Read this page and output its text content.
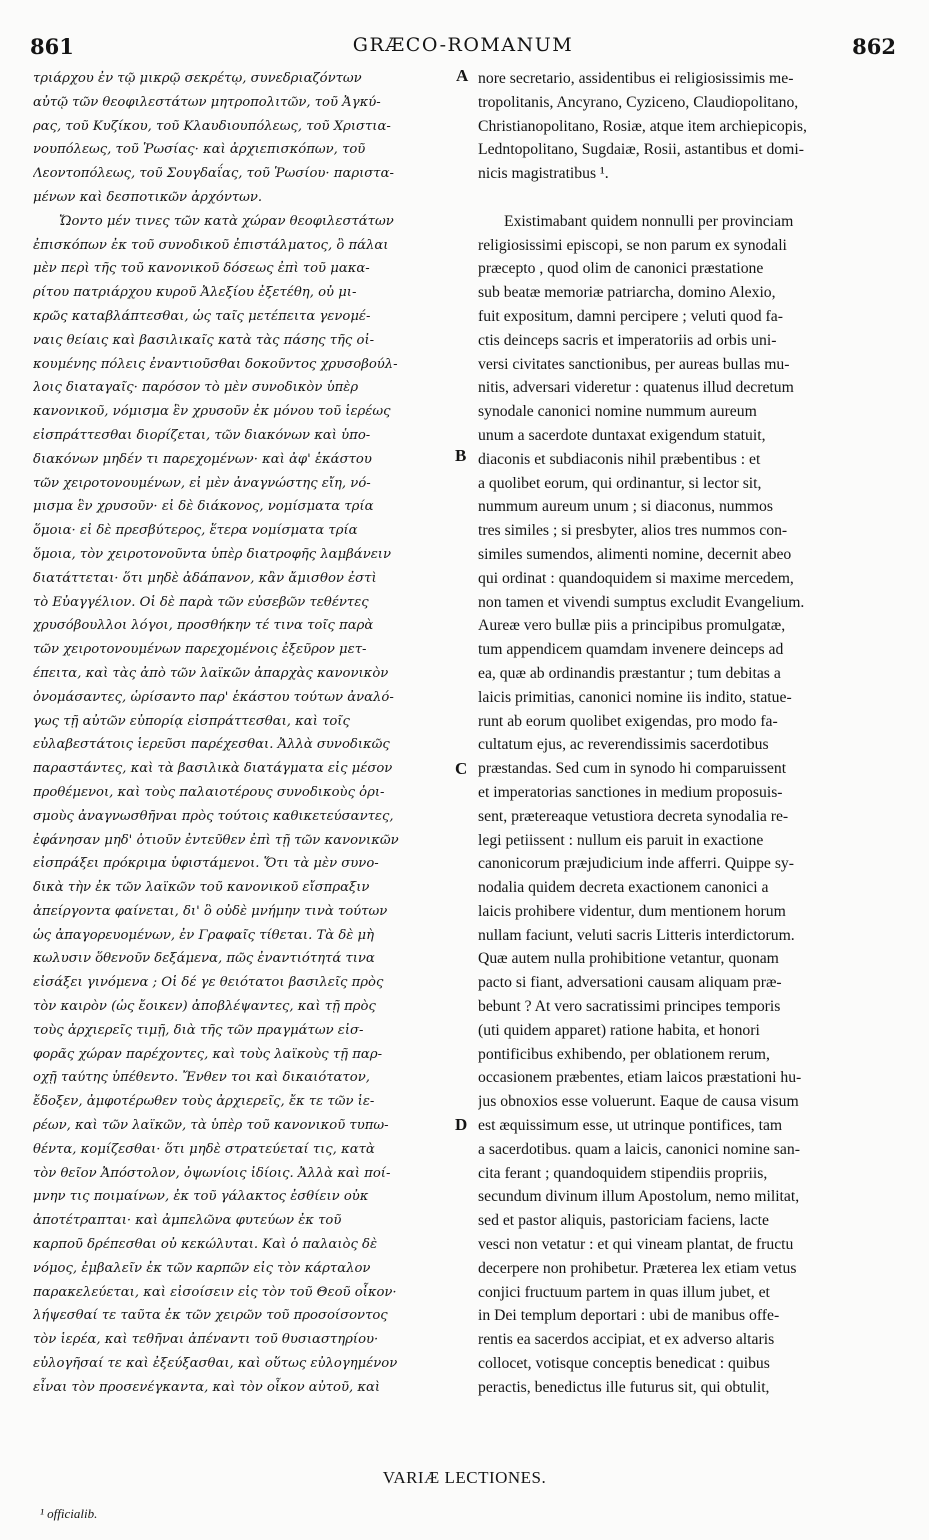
861	GRÆCO-ROMANUM	862
τριάρχου ἐν τῷ μικρῷ σεκρέτῳ, συνεδριαζόντων
αὐτῷ τῶν θεοφιλεστάτων μητροπολιτῶν, τοῦ Ἀγκύ-
ρας, τοῦ Κυζίκου, τοῦ Κλαυδιουπόλεως, τοῦ Χριστια-
νουπόλεως, τοῦ Ῥωσίας· καὶ ἀρχιεπισκόπων, τοῦ
Λεοντοπόλεως, τοῦ Σουγδαΐας, τοῦ Ῥωσίου· παριστα-
μένων καὶ δεσποτικῶν ἀρχόντων.
Ὤοντο μέν τινες τῶν κατὰ χώραν θεοφιλεστάτων
ἐπισκόπων ἐκ τοῦ συνοδικοῦ ἐπιστάλματος, ὃ πάλαι
μὲν περὶ τῆς τοῦ κανονικοῦ δόσεως ἐπὶ τοῦ μακα-
ρίτου πατριάρχου κυροῦ Ἀλεξίου ἐξετέθη, οὐ μι-
κρῶς καταβλάπτεσθαι, ὡς ταῖς μετέπειτα γενομέ-
ναις θείαις καὶ βασιλικαῖς κατὰ τὰς πάσης τῆς οἰ-
κουμένης πόλεις ἐναντιοῦσθαι δοκοῦντος χρυσοβούλ-
λοις διαταγαῖς· παρόσον τὸ μὲν συνοδικὸν ὑπὲρ
κανονικοῦ, νόμισμα ἓν χρυσοῦν ἐκ μόνου τοῦ ἱερέως
εἰσπράττεσθαι διορίζεται, τῶν διακόνων καὶ ὑπο-
διακόνων μηδέν τι παρεχομένων· καὶ ἀφ' ἑκάστου
τῶν χειροτονουμένων, εἰ μὲν ἀναγνώστης εἴη, νό-
μισμα ἓν χρυσοῦν· εἰ δὲ διάκονος, νομίσματα τρία
ὅμοια· εἰ δὲ πρεσβύτερος, ἕτερα νομίσματα τρία
ὅμοια, τὸν χειροτονοῦντα ὑπὲρ διατροφῆς λαμβάνειν
διατάττεται· ὅτι μηδὲ ἀδάπανον, κἂν ἄμισθον ἐστὶ
τὸ Εὐαγγέλιον. Οἱ δὲ παρὰ τῶν εὐσεβῶν τεθέντες
χρυσόβουλλοι λόγοι, προσθήκην τέ τινα τοῖς παρὰ
τῶν χειροτονουμένων παρεχομένοις ἐξεῦρον μετ-
έπειτα, καὶ τὰς ἀπὸ τῶν λαϊκῶν ἀπαρχὰς κανονικὸν
ὀνομάσαντες, ὡρίσαντο παρ' ἑκάστου τούτων ἀναλό-
γως τῇ αὐτῶν εὐπορίᾳ εἰσπράττεσθαι, καὶ τοῖς
εὐλαβεστάτοις ἱερεῦσι παρέχεσθαι. Ἀλλὰ συνοδικῶς
παραστάντες, καὶ τὰ βασιλικὰ διατάγματα εἰς μέσον
προθέμενοι, καὶ τοὺς παλαιοτέρους συνοδικοὺς ὁρι-
σμοὺς ἀναγνωσθῆναι πρὸς τούτοις καθικετεύσαντες,
ἐφάνησαν μηδ' ὁτιοῦν ἐντεῦθεν ἐπὶ τῇ τῶν κανονικῶν
εἰσπράξει πρόκριμα ὑφιστάμενοι. Ὅτι τὰ μὲν συνο-
δικὰ τὴν ἐκ τῶν λαϊκῶν τοῦ κανονικοῦ εἴσπραξιν
ἀπείργοντα φαίνεται, δι' ὃ οὐδὲ μνήμην τινὰ τούτων
ὡς ἀπαγορευομένων, ἐν Γραφαῖς τίθεται. Τὰ δὲ μὴ
κωλυσιν ὅθενοῦν δεξάμενα, πῶς ἐναντιότητά τινα
εἰσάξει γινόμενα ; Οἱ δέ γε θειότατοι βασιλεῖς πρὸς
τὸν καιρὸν (ὡς ἔοικεν) ἀποβλέψαντες, καὶ τῇ πρὸς
τοὺς ἀρχιερεῖς τιμῇ, διὰ τῆς τῶν πραγμάτων εἰσ-
φορᾶς χώραν παρέχοντες, καὶ τοὺς λαϊκοὺς τῇ παρ-
οχῇ ταύτης ὑπέθεντο. Ἔνθεν τοι καὶ δικαιότατον,
ἔδοξεν, ἀμφοτέρωθεν τοὺς ἀρχιερεῖς, ἔκ τε τῶν ἱε-
ρέων, καὶ τῶν λαϊκῶν, τὰ ὑπὲρ τοῦ κανονικοῦ τυπω-
θέντα, κομίζεσθαι· ὅτι μηδὲ στρατεύεταί τις, κατὰ
τὸν θεῖον Ἀπόστολον, ὀψωνίοις ἰδίοις. Ἀλλὰ καὶ ποί-
μνην τις ποιμαίνων, ἐκ τοῦ γάλακτος ἐσθίειν οὐκ
ἀποτέτραπται· καὶ ἀμπελῶνα φυτεύων ἐκ τοῦ
καρποῦ δρέπεσθαι οὐ κεκώλυται. Καὶ ὁ παλαιὸς δὲ
νόμος, ἐμβαλεῖν ἐκ τῶν καρπῶν εἰς τὸν κάρταλον
παρακελεύεται, καὶ εἰσοίσειν εἰς τὸν τοῦ Θεοῦ οἶκον·
λήψεσθαί τε ταῦτα ἐκ τῶν χειρῶν τοῦ προσοίσοντος
τὸν ἱερέα, καὶ τεθῆναι ἀπέναντι τοῦ θυσιαστηρίου·
εὐλογῆσαί τε καὶ ἐξεύξασθαι, καὶ οὕτως εὐλογημένον
εἶναι τὸν προσενέγκαντα, καὶ τὸν οἶκον αὐτοῦ, καὶ
nore secretario, assidentibus ei religiosissimis me-
tropolitanis, Ancyrano, Cyziceno, Claudiopolitano,
Christianopolitano, Rosiæ, atque item archiepicopis,
Ledntopolitano, Sugdaiæ, Rosii, astantibus et domi-
nicis magistratibus ¹.
Existimabant quidem nonnulli per provinciam
religiosissimi episcopi, se non parum ex synodali
præcepto , quod olim de canonici præstatione
sub beatæ memoriæ patriarcha, domino Alexio,
fuit expositum, damni percipere ; veluti quod fa-
ctis deinceps sacris et imperatoriis ad orbis uni-
versi civitates sanctionibus, per aureas bullas mu-
nitis, adversari videretur : quatenus illud decretum
synodale canonici nomine nummum aureum
unum a sacerdote duntaxat exigendum statuit,
diaconis et subdiaconis nihil præbentibus : et
a quolibet eorum, qui ordinantur, si lector sit,
nummum aureum unum ; si diaconus, nummos
tres similes ; si presbyter, alios tres nummos con-
similes sumendos, alimenti nomine, decernit abeo
qui ordinat : quandoquidem si maxime mercedem,
non tamen et vivendi sumptus excludit Evangelium.
Aureæ vero bullæ piis a principibus promulgatæ,
tum appendicem quamdam invenere deinceps ad
ea, quæ ab ordinandis præstantur ; tum debitas a
laicis primitias, canonici nomine iis indito, statue-
runt ab eorum quolibet exigendas, pro modo fa-
cultatum ejus, ac reverendissimis sacerdotibus
præstandas. Sed cum in synodo hi comparuissent
et imperatorias sanctiones in medium proposuis-
sent, prætereaque vetustiora decreta synodalia re-
legi petiissent : nullum eis paruit in exactione
canonicorum præjudicium inde afferri. Quippe sy-
nodalia quidem decreta exactionem canonici a
laicis prohibere videntur, dum mentionem horum
nullam faciunt, veluti sacris Litteris interdictorum.
Quæ autem nulla prohibitione vetantur, quonam
pacto si fiant, adversationi causam aliquam præ-
bebunt ? At vero sacratissimi principes temporis
(uti quidem apparet) ratione habita, et honori
pontificibus exhibendo, per oblationem rerum,
occasionem præbentes, etiam laicos præstationi hu-
jus obnoxios esse voluerunt. Eaque de causa visum
est æquissimum esse, ut utrinque pontifices, tam
a sacerdotibus. quam a laicis, canonici nomine san-
cita ferant ; quandoquidem stipendiis propriis,
secundum divinum illum Apostolum, nemo militat,
sed et pastor aliquis, pastoriciam faciens, lacte
vesci non vetatur : et qui vineam plantat, de fructu
decerpere non prohibetur. Præterea lex etiam vetus
conjici fructuum partem in quas illum jubet, et
in Dei templum deportari : ubi de manibus offe-
rentis ea sacerdos accipiat, et ex adverso altaris
collocet, votisque conceptis benedicat : quibus
peractis, benedictus ille futurus sit, qui obtulit,
A
B
C
D
VARIÆ LECTIONES.
¹ officialib.
